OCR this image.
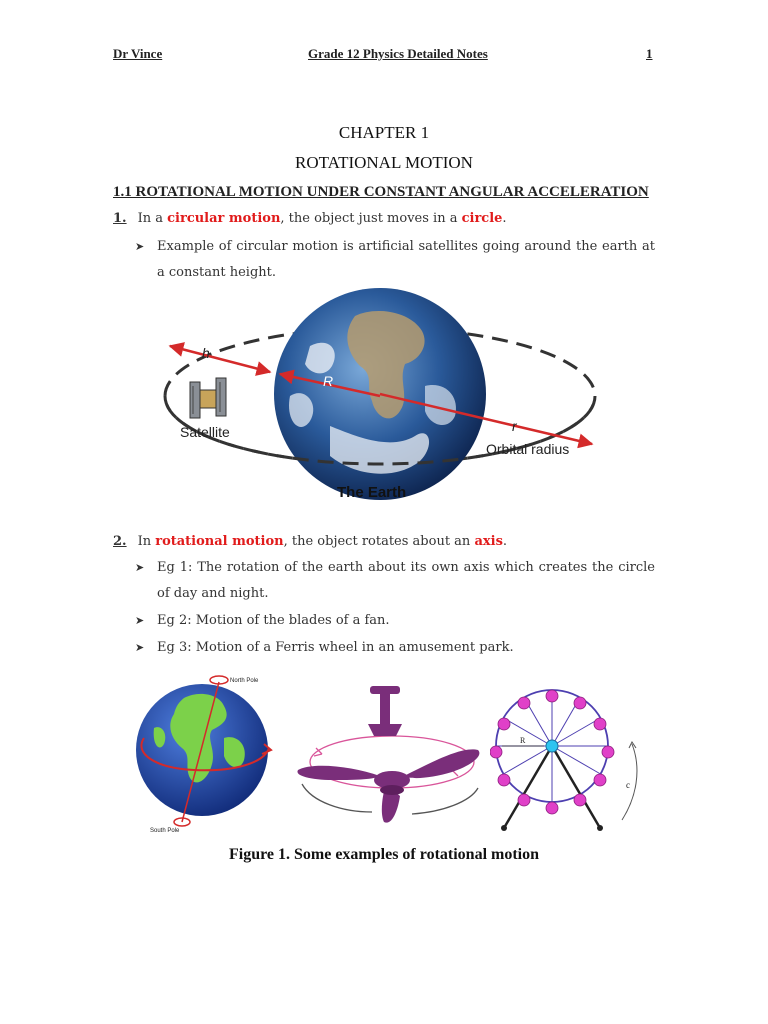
Dr Vince	Grade 12 Physics Detailed Notes	1
CHAPTER 1
ROTATIONAL MOTION
1.1 ROTATIONAL MOTION UNDER CONSTANT ANGULAR ACCELERATION
1. In a circular motion, the object just moves in a circle.
➤ Example of circular motion is artificial satellites going around the earth at a constant height.
h
R
r
Satellite
Orbital radius
The Earth
2. In rotational motion, the object rotates about an axis.
➤ Eg 1: The rotation of the earth about its own axis which creates the circle of day and night.
➤ Eg 2: Motion of the blades of a fan.
➤ Eg 3: Motion of a Ferris wheel in an amusement park.
North Pole
South Pole
R
c
Figure 1. Some examples of rotational motion
